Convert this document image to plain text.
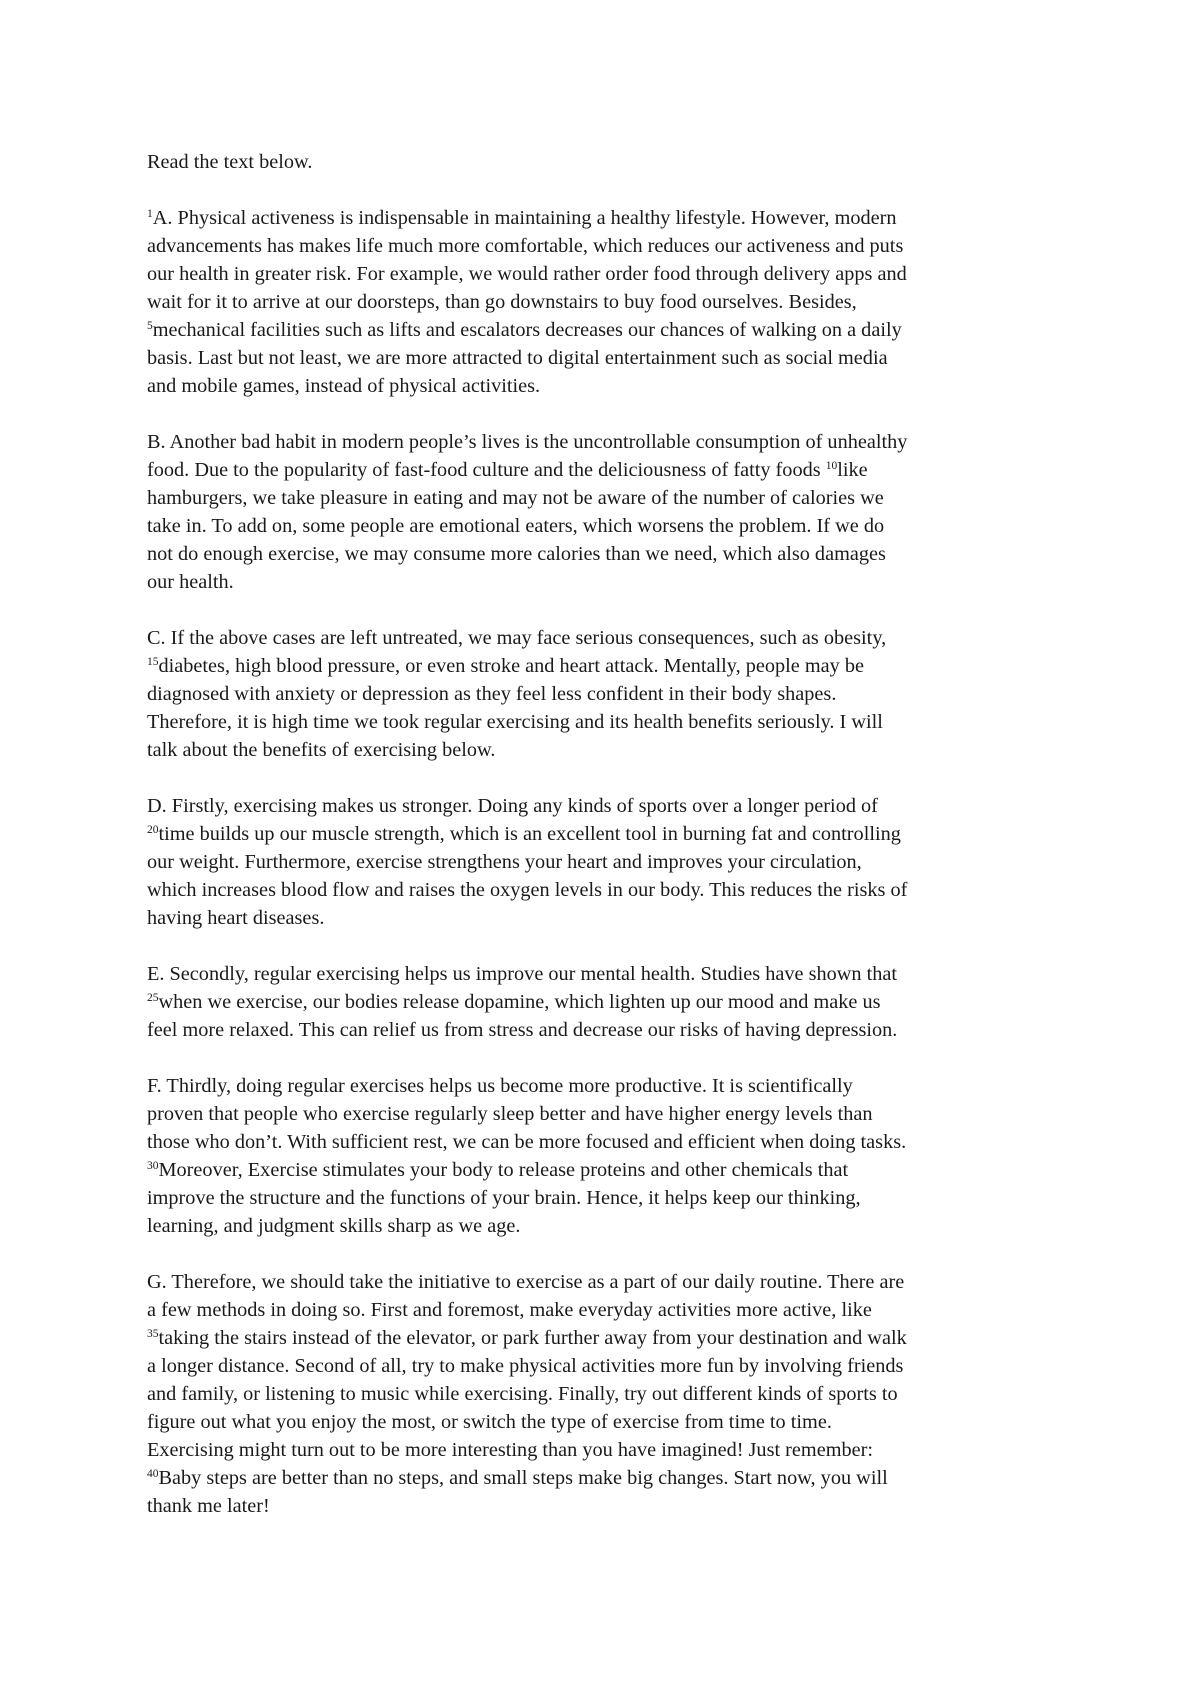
Read the text below.

$^1$A. Physical activeness is indispensable in maintaining a healthy lifestyle. However, modern
advancements has makes life much more comfortable, which reduces our activeness and puts
our health in greater risk. For example, we would rather order food through delivery apps and
wait for it to arrive at our doorsteps, than go downstairs to buy food ourselves. Besides,
$^5$mechanical facilities such as lifts and escalators decreases our chances of walking on a daily
basis. Last but not least, we are more attracted to digital entertainment such as social media
and mobile games, instead of physical activities.
B. Another bad habit in modern people’s lives is the uncontrollable consumption of unhealthy
food. Due to the popularity of fast-food culture and the deliciousness of fatty foods $^{10}$like
hamburgers, we take pleasure in eating and may not be aware of the number of calories we
take in. To add on, some people are emotional eaters, which worsens the problem. If we do
not do enough exercise, we may consume more calories than we need, which also damages
our health.
C. If the above cases are left untreated, we may face serious consequences, such as obesity,
$^{15}$diabetes, high blood pressure, or even stroke and heart attack. Mentally, people may be
diagnosed with anxiety or depression as they feel less confident in their body shapes.
Therefore, it is high time we took regular exercising and its health benefits seriously. I will
talk about the benefits of exercising below.
D. Firstly, exercising makes us stronger. Doing any kinds of sports over a longer period of
$^{20}$time builds up our muscle strength, which is an excellent tool in burning fat and controlling
our weight. Furthermore, exercise strengthens your heart and improves your circulation,
which increases blood flow and raises the oxygen levels in our body. This reduces the risks of
having heart diseases.
E. Secondly, regular exercising helps us improve our mental health. Studies have shown that
$^{25}$when we exercise, our bodies release dopamine, which lighten up our mood and make us
feel more relaxed. This can relief us from stress and decrease our risks of having depression.
F. Thirdly, doing regular exercises helps us become more productive. It is scientifically
proven that people who exercise regularly sleep better and have higher energy levels than
those who don’t. With sufficient rest, we can be more focused and efficient when doing tasks.
$^{30}$Moreover, Exercise stimulates your body to release proteins and other chemicals that
improve the structure and the functions of your brain. Hence, it helps keep our thinking,
learning, and judgment skills sharp as we age.
G. Therefore, we should take the initiative to exercise as a part of our daily routine. There are
a few methods in doing so. First and foremost, make everyday activities more active, like
$^{35}$taking the stairs instead of the elevator, or park further away from your destination and walk
a longer distance. Second of all, try to make physical activities more fun by involving friends
and family, or listening to music while exercising. Finally, try out different kinds of sports to
figure out what you enjoy the most, or switch the type of exercise from time to time.
Exercising might turn out to be more interesting than you have imagined! Just remember:
$^{40}$Baby steps are better than no steps, and small steps make big changes. Start now, you will
thank me later!
